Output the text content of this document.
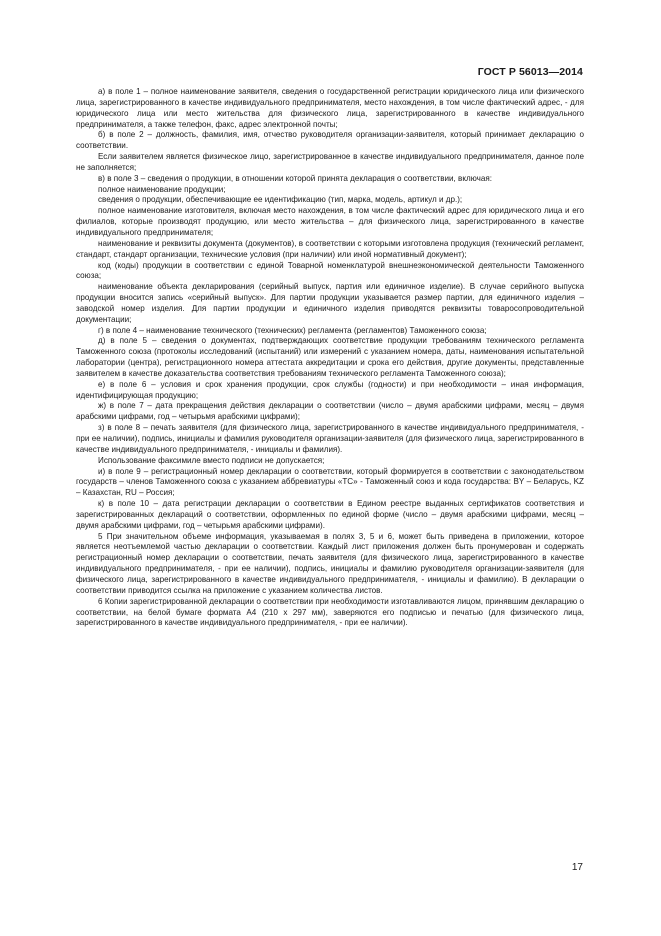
ГОСТ Р 56013—2014

а) в поле 1 – полное наименование заявителя, сведения о государственной регистрации юридического лица или физического лица, зарегистрированного в качестве индивидуального предпринимателя, место нахождения, в том числе фактический адрес, - для юридического лица или место жительства для физического лица, зарегистрированного в качестве индивидуального предпринимателя, а также телефон, факс, адрес электронной почты;

б) в поле 2 – должность, фамилия, имя, отчество руководителя организации-заявителя, который принимает декларацию о соответствии.

Если заявителем является физическое лицо, зарегистрированное в качестве индивидуального предпринимателя, данное поле не заполняется;

в) в поле 3 – сведения о продукции, в отношении которой принята декларация о соответствии, включая:

полное наименование продукции;

сведения о продукции, обеспечивающие ее идентификацию (тип, марка, модель, артикул и др.);

полное наименование изготовителя, включая место нахождения, в том числе фактический адрес для юридического лица и его филиалов, которые производят продукцию, или место жительства – для физического лица, зарегистрированного в качестве индивидуального предпринимателя;

наименование и реквизиты документа (документов), в соответствии с которыми изготовлена продукция (технический регламент, стандарт, стандарт организации, технические условия (при наличии) или иной нормативный документ);

код (коды) продукции в соответствии с единой Товарной номенклатурой внешнеэкономической деятельности Таможенного союза;

наименование объекта декларирования (серийный выпуск, партия или единичное изделие). В случае серийного выпуска продукции вносится запись «серийный выпуск». Для партии продукции указывается размер партии, для единичного изделия – заводской номер изделия. Для партии продукции и единичного изделия приводятся реквизиты товаросопроводительной документации;

г) в поле 4 – наименование технического (технических) регламента (регламентов) Таможенного союза;

д) в поле 5 – сведения о документах, подтверждающих соответствие продукции требованиям технического регламента Таможенного союза (протоколы исследований (испытаний) или измерений с указанием номера, даты, наименования испытательной лаборатории (центра), регистрационного номера аттестата аккредитации и срока его действия, другие документы, представленные заявителем в качестве доказательства соответствия требованиям технического регламента Таможенного союза);

е) в поле 6 – условия и срок хранения продукции, срок службы (годности) и при необходимости – иная информация, идентифицирующая продукцию;

ж) в поле 7 – дата прекращения действия декларации о соответствии (число – двумя арабскими цифрами, месяц – двумя арабскими цифрами, год – четырьмя арабскими цифрами);

з) в поле 8 – печать заявителя (для физического лица, зарегистрированного в качестве индивидуального предпринимателя, - при ее наличии), подпись, инициалы и фамилия руководителя организации-заявителя (для физического лица, зарегистрированного в качестве индивидуального предпринимателя, - инициалы и фамилия).

Использование факсимиле вместо подписи не допускается;

и) в поле 9 – регистрационный номер декларации о соответствии, который формируется в соответствии с законодательством государств – членов Таможенного союза с указанием аббревиатуры «ТС» - Таможенный союз и кода государства: BY – Беларусь, KZ – Казахстан, RU – Россия;

к) в поле 10 – дата регистрации декларации о соответствии в Едином реестре выданных сертификатов соответствия и зарегистрированных деклараций о соответствии, оформленных по единой форме (число – двумя арабскими цифрами, месяц – двумя арабскими цифрами, год – четырьмя арабскими цифрами).

5 При значительном объеме информация, указываемая в полях 3, 5 и 6, может быть приведена в приложении, которое является неотъемлемой частью декларации о соответствии. Каждый лист приложения должен быть пронумерован и содержать регистрационный номер декларации о соответствии, печать заявителя (для физического лица, зарегистрированного в качестве индивидуального предпринимателя, - при ее наличии), подпись, инициалы и фамилию руководителя организации-заявителя (для физического лица, зарегистрированного в качестве индивидуального предпринимателя, - инициалы и фамилию). В декларации о соответствии приводится ссылка на приложение с указанием количества листов.

6 Копии зарегистрированной декларации о соответствии при необходимости изготавливаются лицом, принявшим декларацию о соответствии, на белой бумаге формата А4 (210 x 297 мм), заверяются его подписью и печатью (для физического лица, зарегистрированного в качестве индивидуального предпринимателя, - при ее наличии).

17
